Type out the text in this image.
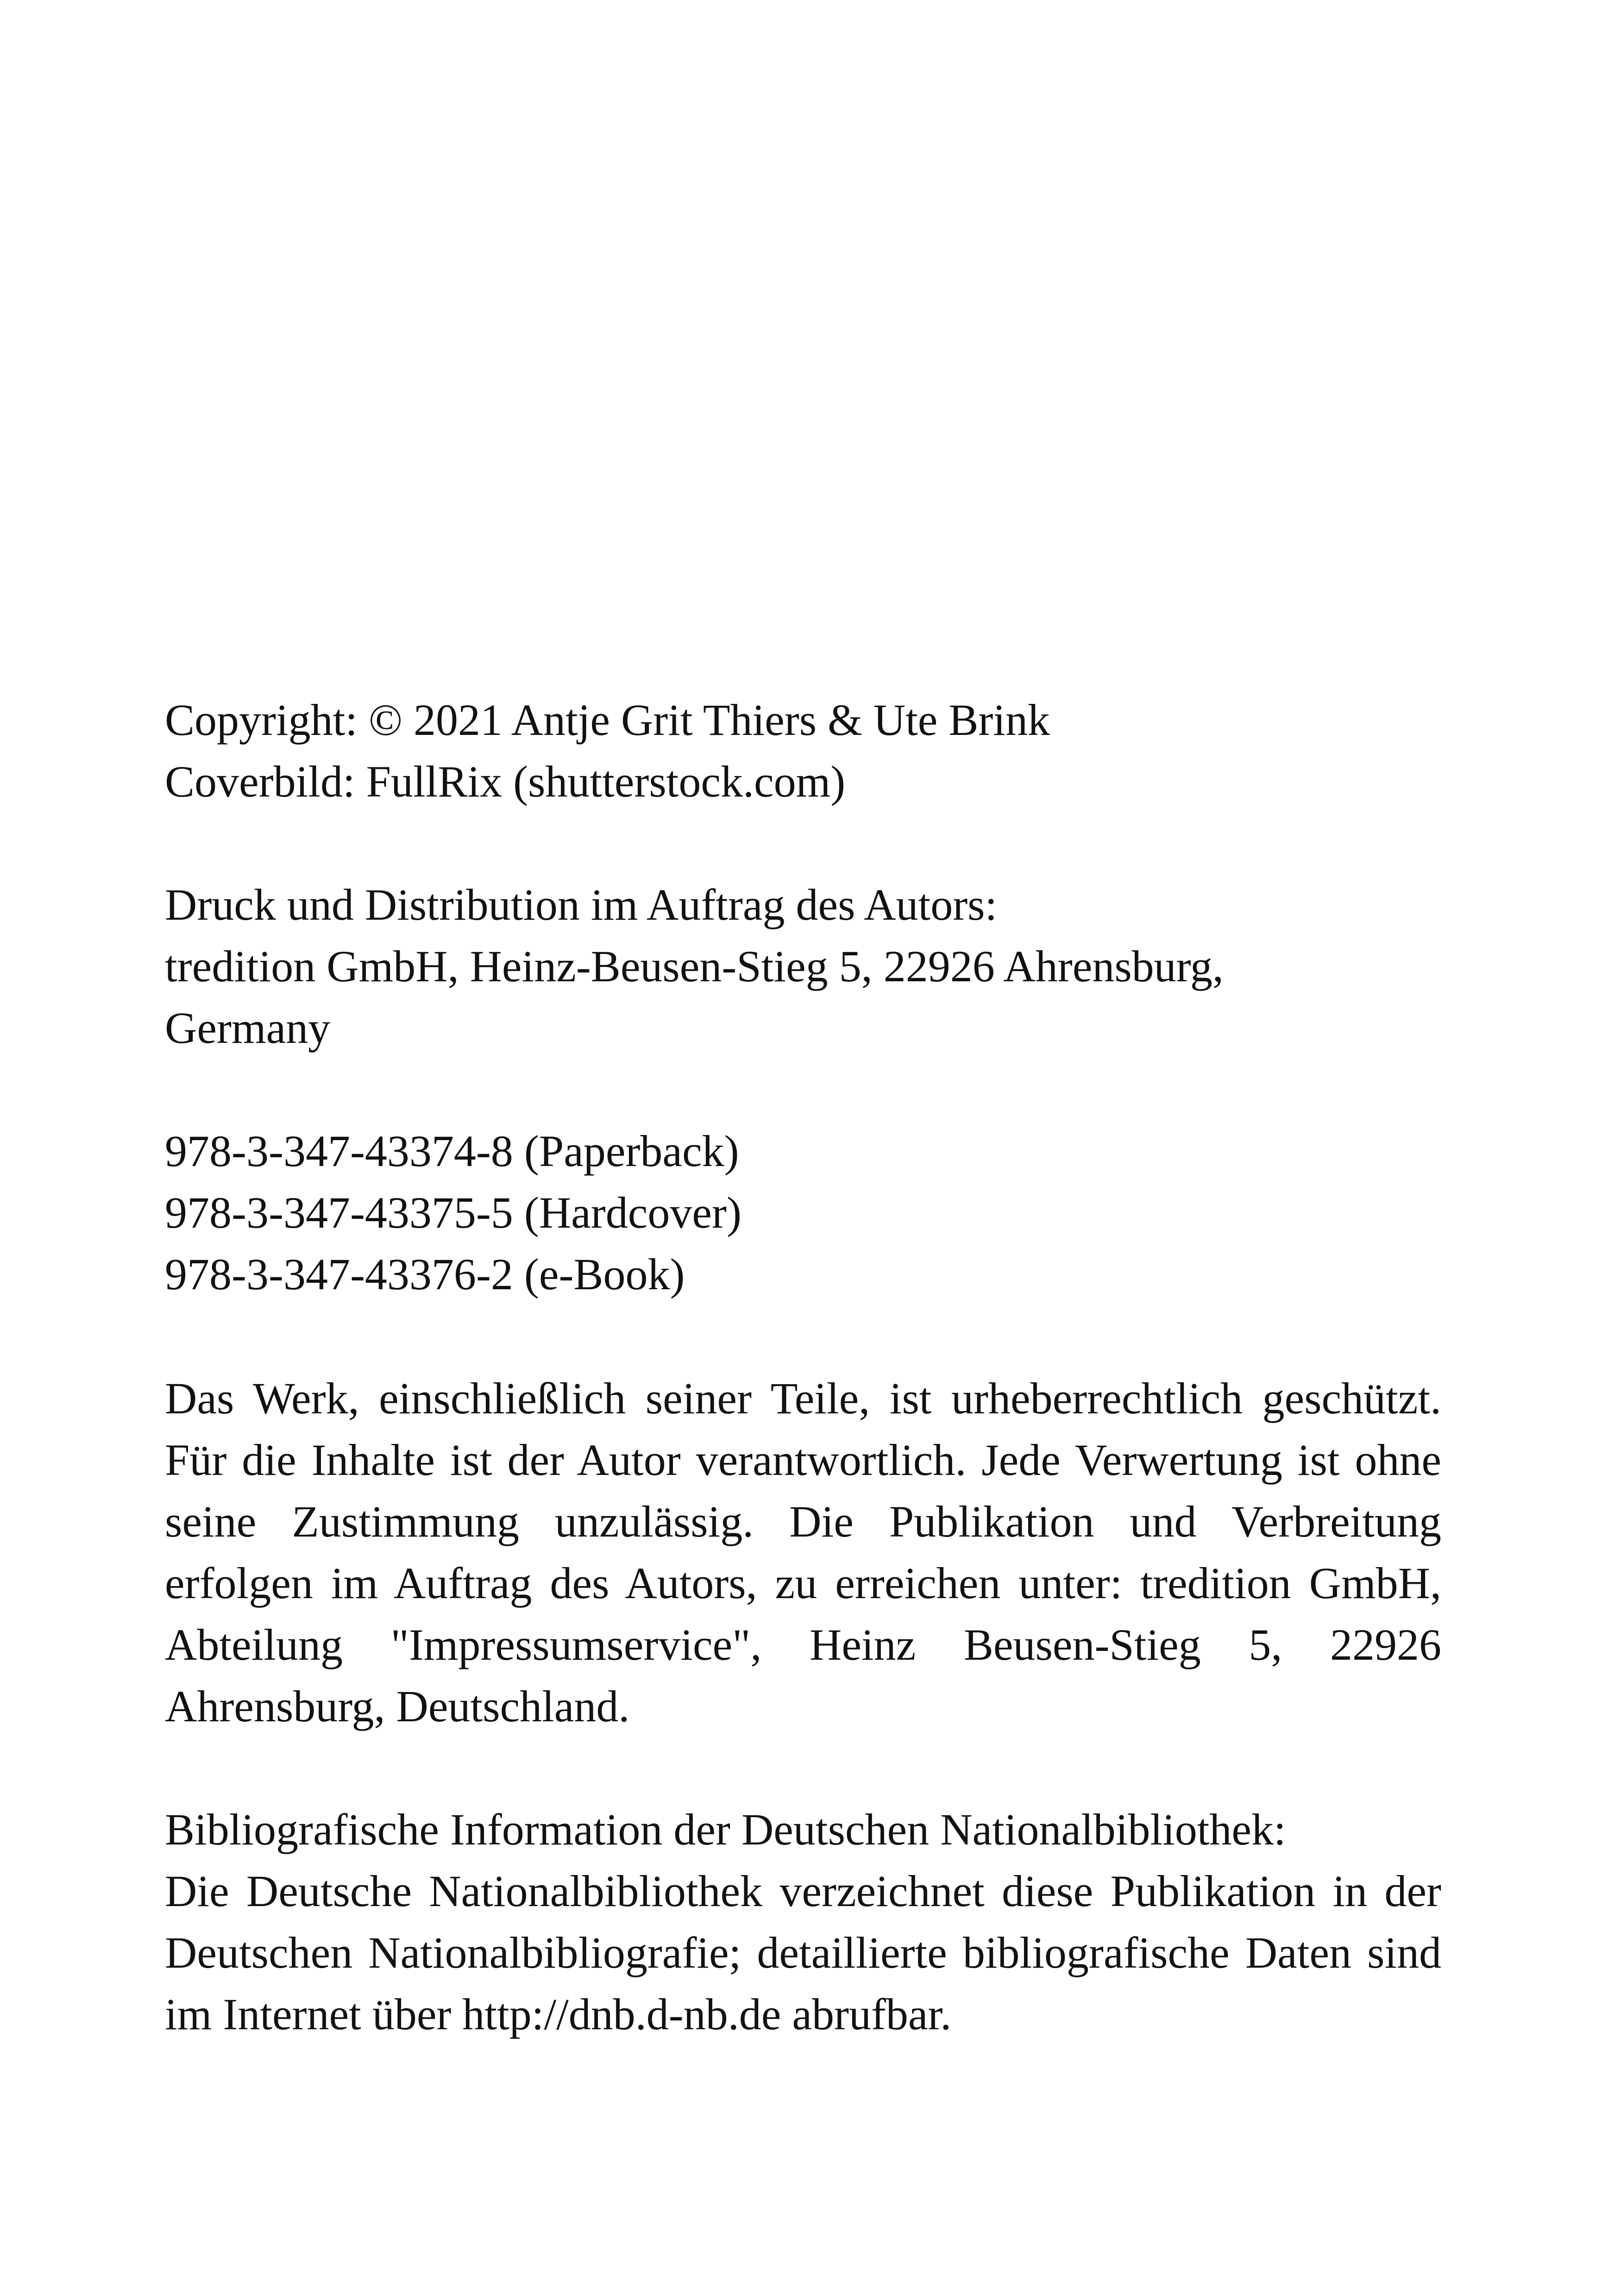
Copyright: © 2021 Antje Grit Thiers & Ute Brink
Coverbild: FullRix (shutterstock.com)
Druck und Distribution im Auftrag des Autors:
tredition GmbH, Heinz-Beusen-Stieg 5, 22926 Ahrensburg,
Germany
978-3-347-43374-8 (Paperback)
978-3-347-43375-5 (Hardcover)
978-3-347-43376-2 (e-Book)

Das Werk, einschließlich seiner Teile, ist urheberrechtlich geschützt. Für die Inhalte ist der Autor verantwortlich. Jede Verwertung ist ohne seine Zustimmung unzulässig. Die Publikation und Verbreitung erfolgen im Auftrag des Autors, zu erreichen unter: tredition GmbH, Abteilung "Impressumservice", Heinz Beusen-Stieg 5, 22926 Ahrensburg, Deutschland.

Bibliografische Information der Deutschen Nationalbibliothek:

Die Deutsche Nationalbibliothek verzeichnet diese Publikation in der Deutschen Nationalbibliografie; detaillierte bibliografische Daten sind im Internet über http://dnb.d-nb.de abrufbar.
